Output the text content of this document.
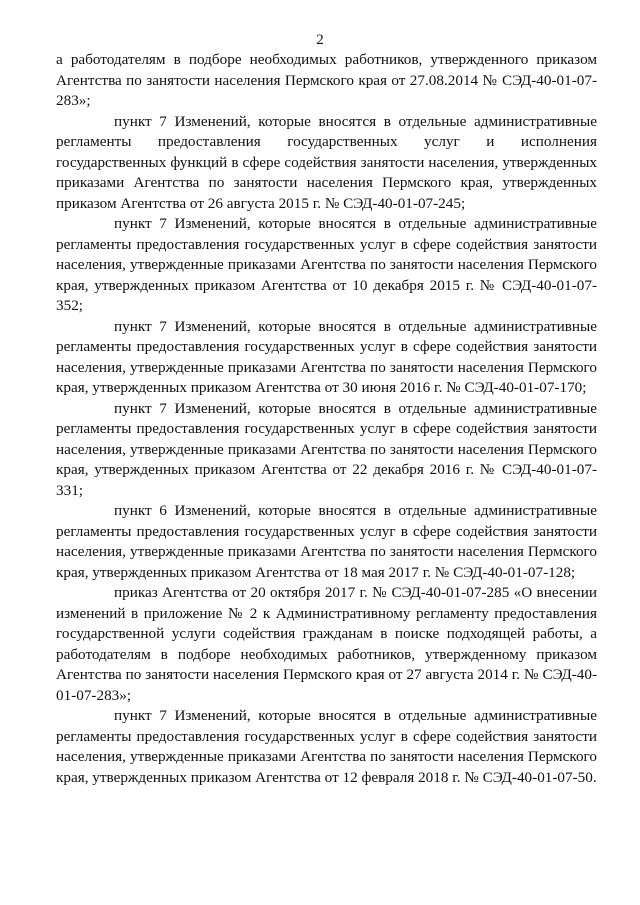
2

а работодателям в подборе необходимых работников, утвержденного приказом Агентства по занятости населения Пермского края от 27.08.2014 № СЭД-40-01-07-283»;

пункт 7 Изменений, которые вносятся в отдельные административные регламенты предоставления государственных услуг и исполнения государственных функций в сфере содействия занятости населения, утвержденных приказами Агентства по занятости населения Пермского края, утвержденных приказом Агентства от 26 августа 2015 г. № СЭД-40-01-07-245;

пункт 7 Изменений, которые вносятся в отдельные административные регламенты предоставления государственных услуг в сфере содействия занятости населения, утвержденные приказами Агентства по занятости населения Пермского края, утвержденных приказом Агентства от 10 декабря 2015 г. № СЭД-40-01-07-352;

пункт 7 Изменений, которые вносятся в отдельные административные регламенты предоставления государственных услуг в сфере содействия занятости населения, утвержденные приказами Агентства по занятости населения Пермского края, утвержденных приказом Агентства от 30 июня 2016 г. № СЭД-40-01-07-170;

пункт 7 Изменений, которые вносятся в отдельные административные регламенты предоставления государственных услуг в сфере содействия занятости населения, утвержденные приказами Агентства по занятости населения Пермского края, утвержденных приказом Агентства от 22 декабря 2016 г. № СЭД-40-01-07-331;

пункт 6 Изменений, которые вносятся в отдельные административные регламенты предоставления государственных услуг в сфере содействия занятости населения, утвержденные приказами Агентства по занятости населения Пермского края, утвержденных приказом Агентства от 18 мая 2017 г. № СЭД-40-01-07-128;

приказ Агентства от 20 октября 2017 г. № СЭД-40-01-07-285 «О внесении изменений в приложение № 2 к Административному регламенту предоставления государственной услуги содействия гражданам в поиске подходящей работы, а работодателям в подборе необходимых работников, утвержденному приказом Агентства по занятости населения Пермского края от 27 августа 2014 г. № СЭД-40-01-07-283»;

пункт 7 Изменений, которые вносятся в отдельные административные регламенты предоставления государственных услуг в сфере содействия занятости населения, утвержденные приказами Агентства по занятости населения Пермского края, утвержденных приказом Агентства от 12 февраля 2018 г. № СЭД-40-01-07-50.
